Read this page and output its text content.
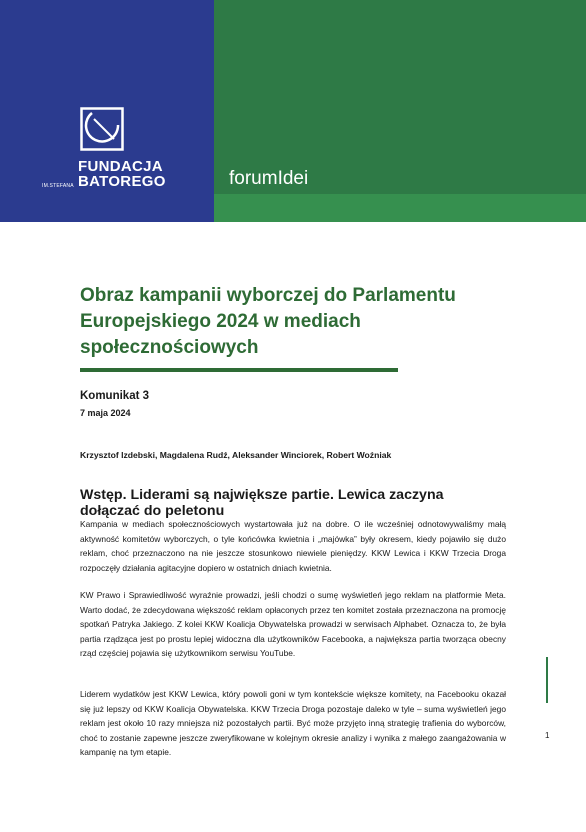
FUNDACJA
BATOREGO
IM.STEFANA	forumIdei
Obraz kampanii wyborczej do Parlamentu Europejskiego 2024 w mediach społecznościowych
Komunikat 3
7 maja 2024
Krzysztof Izdebski, Magdalena Rudź, Aleksander Winciorek, Robert Woźniak
Wstęp. Liderami są największe partie. Lewica zaczyna dołączać do peletonu

Kampania w mediach społecznościowych wystartowała już na dobre. O ile wcześniej odnotowywaliśmy małą aktywność komitetów wyborczych, o tyle końcówka kwietnia i „majówka” były okresem, kiedy pojawiło się dużo reklam, choć przeznaczono na nie jeszcze stosunkowo niewiele pieniędzy. KKW Lewica i KKW Trzecia Droga rozpoczęły działania agitacyjne dopiero w ostatnich dniach kwietnia.

KW Prawo i Sprawiedliwość wyraźnie prowadzi, jeśli chodzi o sumę wyświetleń jego reklam na platformie Meta. Warto dodać, że zdecydowana większość reklam opłaconych przez ten komitet została przeznaczona na promocję spotkań Patryka Jakiego. Z kolei KKW Koalicja Obywatelska prowadzi w serwisach Alphabet. Oznacza to, że była partia rządząca jest po prostu lepiej widoczna dla użytkowników Facebooka, a największa partia tworząca obecny rząd częściej pojawia się użytkownikom serwisu YouTube.

Liderem wydatków jest KKW Lewica, który powoli goni w tym kontekście większe komitety, na Facebooku okazał się już lepszy od KKW Koalicja Obywatelska. KKW Trzecia Droga pozostaje daleko w tyle – suma wyświetleń jego reklam jest około 10 razy mniejsza niż pozostałych partii. Być może przyjęto inną strategię trafienia do wyborców, choć to zostanie zapewne jeszcze zweryfikowane w kolejnym okresie analizy i wynika z małego zaangażowania w kampanię na tym etapie.

1
